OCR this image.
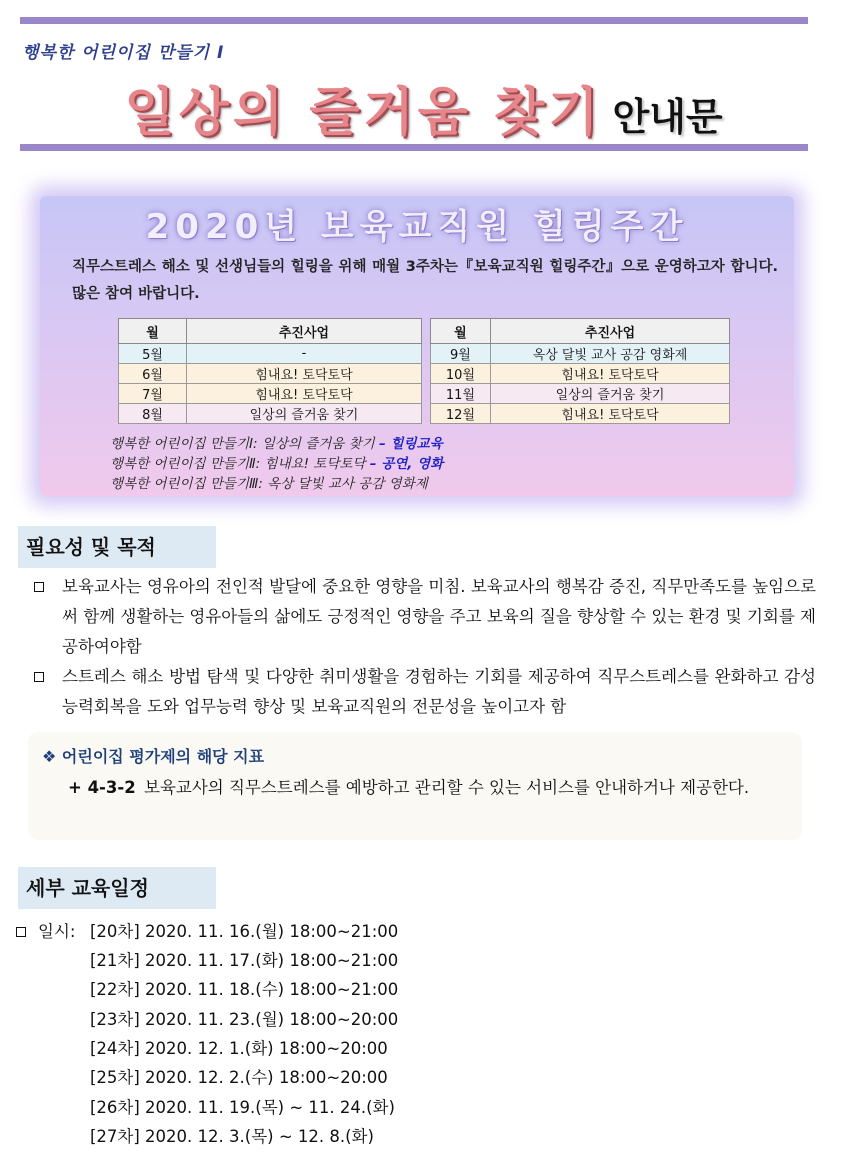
행복한 어린이집 만들기 I
일상의 즐거움 찾기 안내문
2020년 보육교직원 힐링주간
직무스트레스 해소 및 선생님들의 힐링을 위해 매월 3주차는『보육교직원 힐링주간』으로 운영하고자 합니다. 많은 참여 바랍니다.
월	추진사업		월	추진사업
5월	-		9월	옥상 달빛 교사 공감 영화제
6월	힘내요! 토닥토닥		10월	힘내요! 토닥토닥
7월	힘내요! 토닥토닥		11월	일상의 즐거움 찾기
8월	일상의 즐거움 찾기		12월	힘내요! 토닥토닥
행복한 어린이집 만들기Ⅰ: 일상의 즐거움 찾기 – 힐링교육
행복한 어린이집 만들기Ⅱ: 힘내요! 토닥토닥 – 공연, 영화
행복한 어린이집 만들기Ⅲ: 옥상 달빛 교사 공감 영화제
필요성 및 목적
보육교사는 영유아의 전인적 발달에 중요한 영향을 미침. 보육교사의 행복감 증진, 직무만족도를 높임으로써 함께 생활하는 영유아들의 삶에도 긍정적인 영향을 주고 보육의 질을 향상할 수 있는 환경 및 기회를 제공하여야함
스트레스 해소 방법 탐색 및 다양한 취미생활을 경험하는 기회를 제공하여 직무스트레스를 완화하고 감성능력회복을 도와 업무능력 향상 및 보육교직원의 전문성을 높이고자 함
❖ 어린이집 평가제의 해당 지표
+ 4-3-2 보육교사의 직무스트레스를 예방하고 관리할 수 있는 서비스를 안내하거나 제공한다.
세부 교육일정
일시: [20차] 2020. 11. 16.(월) 18:00~21:00
[21차] 2020. 11. 17.(화) 18:00~21:00
[22차] 2020. 11. 18.(수) 18:00~21:00
[23차] 2020. 11. 23.(월) 18:00~20:00
[24차] 2020. 12. 1.(화) 18:00~20:00
[25차] 2020. 12. 2.(수) 18:00~20:00
[26차] 2020. 11. 19.(목) ~ 11. 24.(화)
[27차] 2020. 12. 3.(목) ~ 12. 8.(화)
